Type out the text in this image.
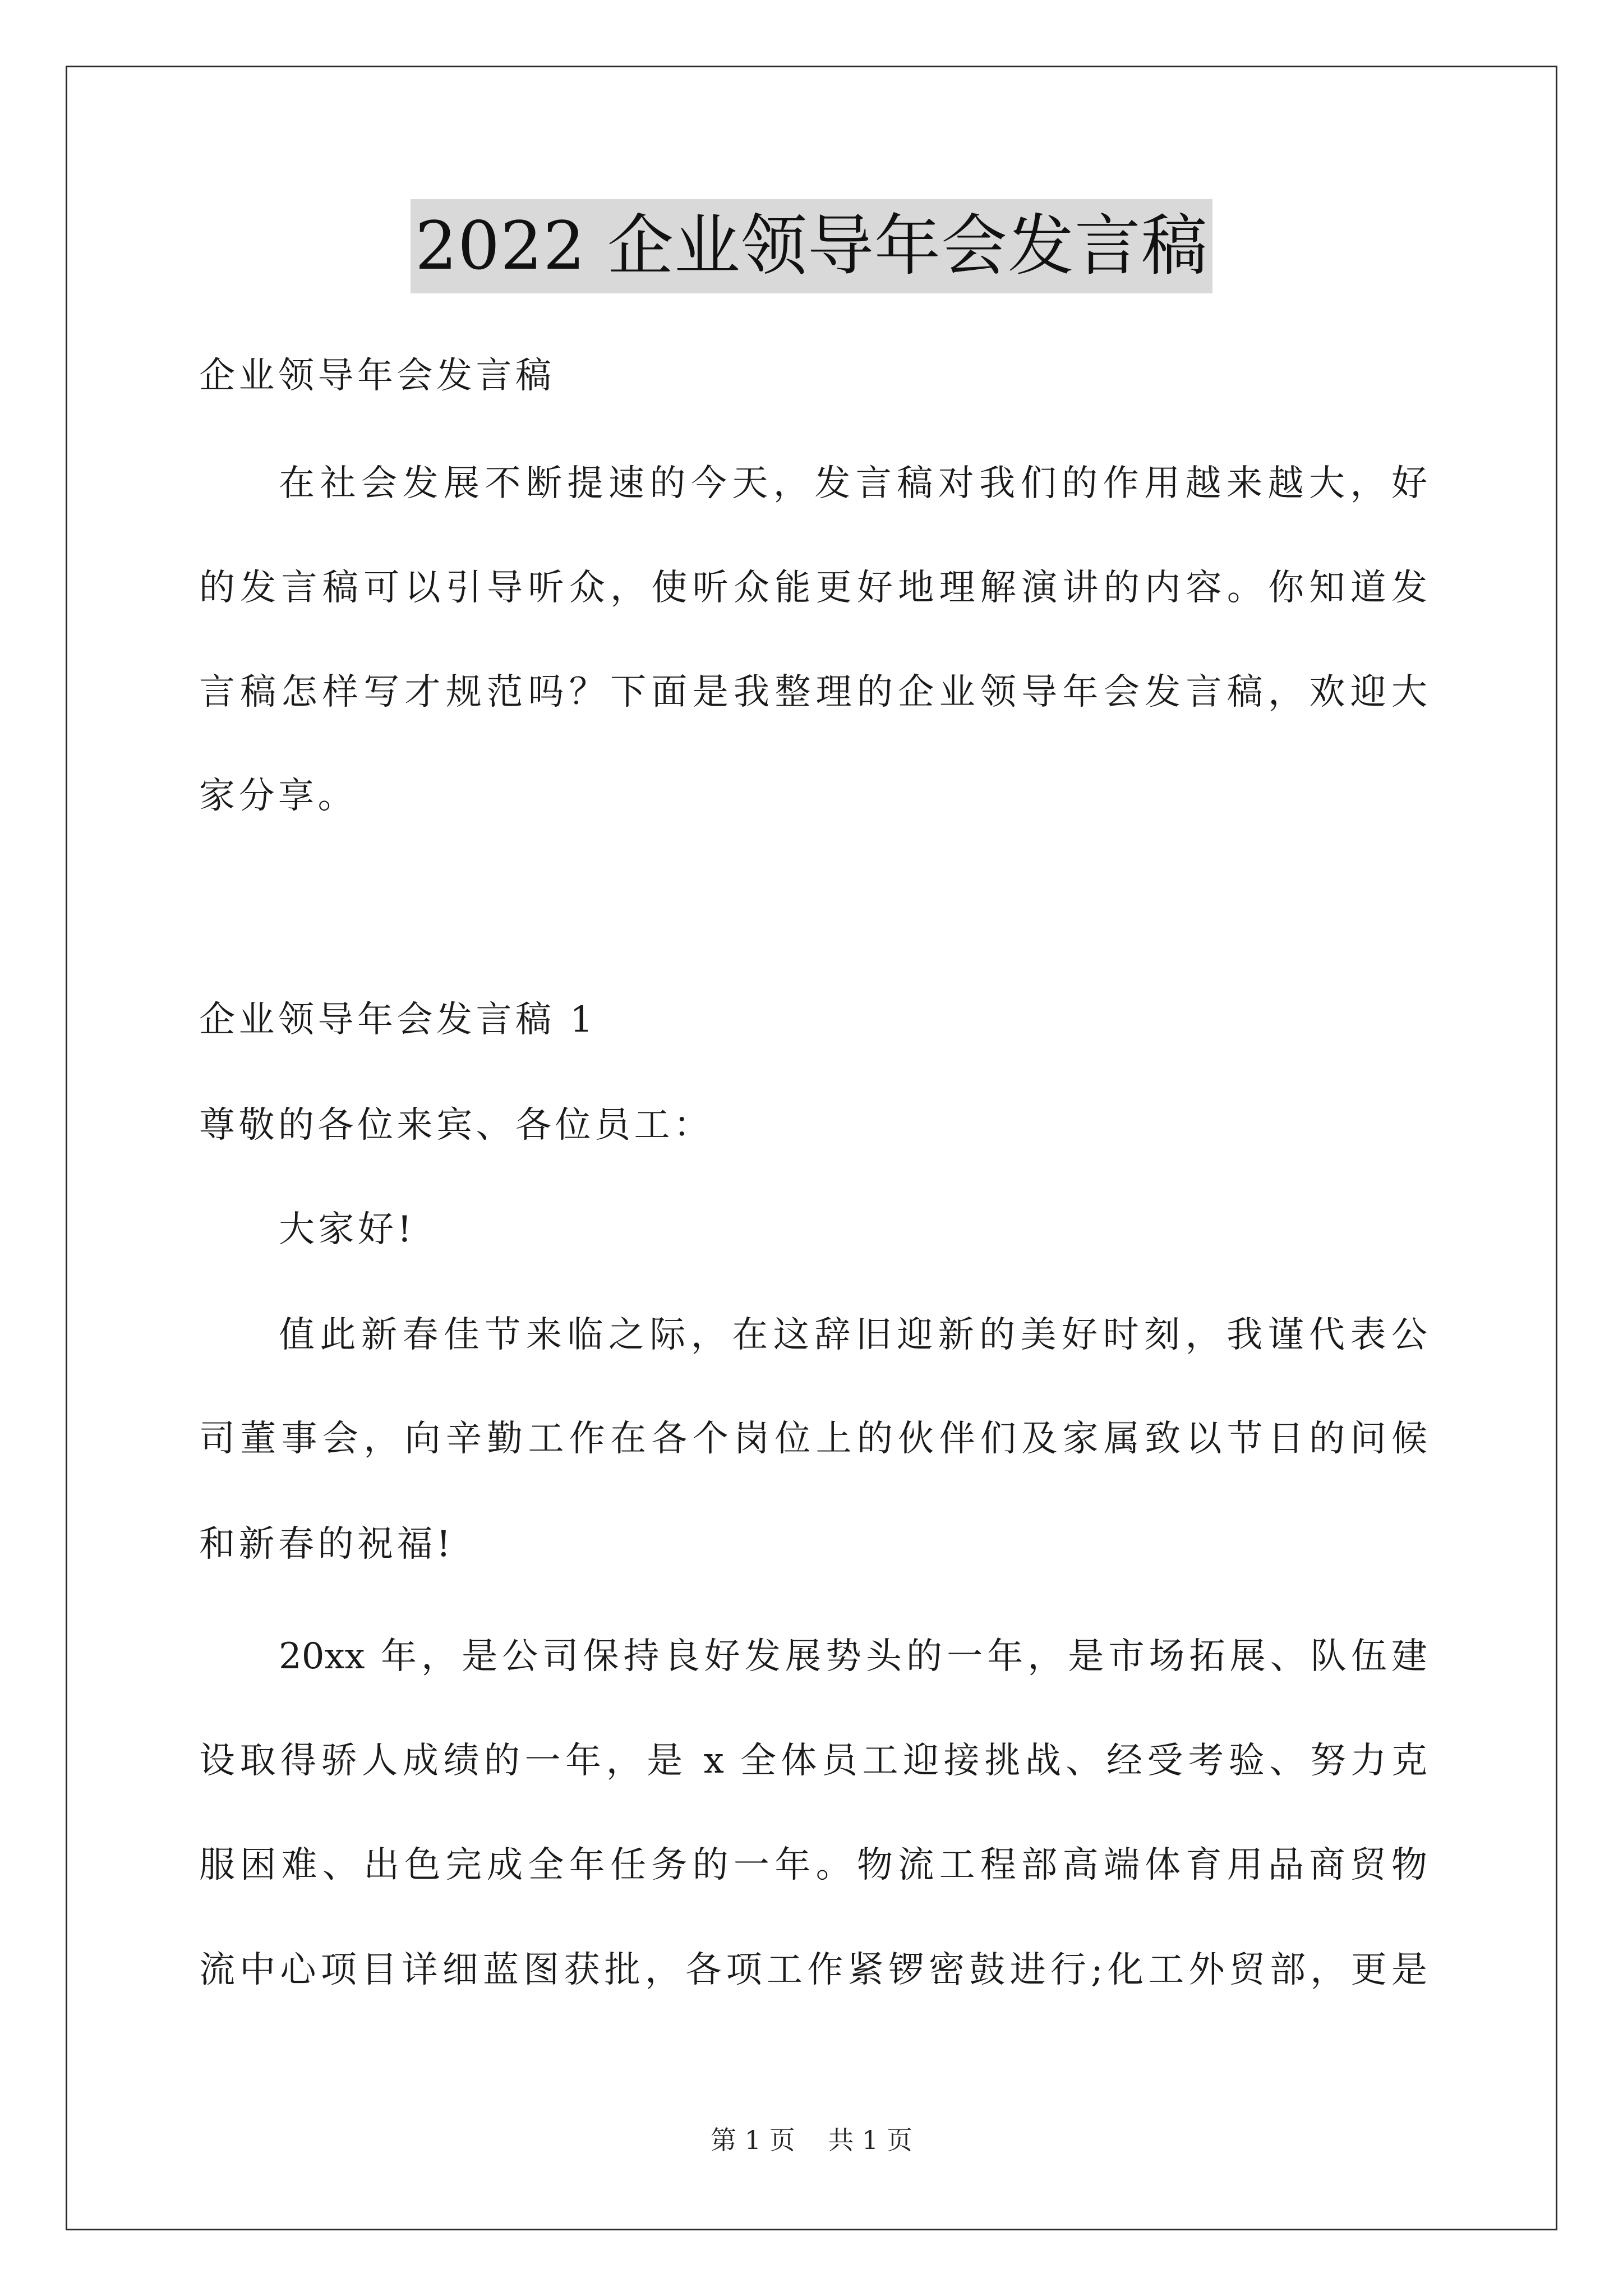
2022 企业领导年会发言稿
企业领导年会发言稿
在社会发展不断提速的今天，发言稿对我们的作用越来越大，好
的发言稿可以引导听众，使听众能更好地理解演讲的内容。你知道发
言稿怎样写才规范吗？下面是我整理的企业领导年会发言稿，欢迎大
家分享。
企业领导年会发言稿 1
尊敬的各位来宾、各位员工：
大家好!
值此新春佳节来临之际，在这辞旧迎新的美好时刻，我谨代表公
司董事会，向辛勤工作在各个岗位上的伙伴们及家属致以节日的问候
和新春的祝福!
20xx 年，是公司保持良好发展势头的一年，是市场拓展、队伍建
设取得骄人成绩的一年，是 x 全体员工迎接挑战、经受考验、努力克
服困难、出色完成全年任务的一年。物流工程部高端体育用品商贸物
流中心项目详细蓝图获批，各项工作紧锣密鼓进行;化工外贸部，更是
第 1 页 共 1 页
